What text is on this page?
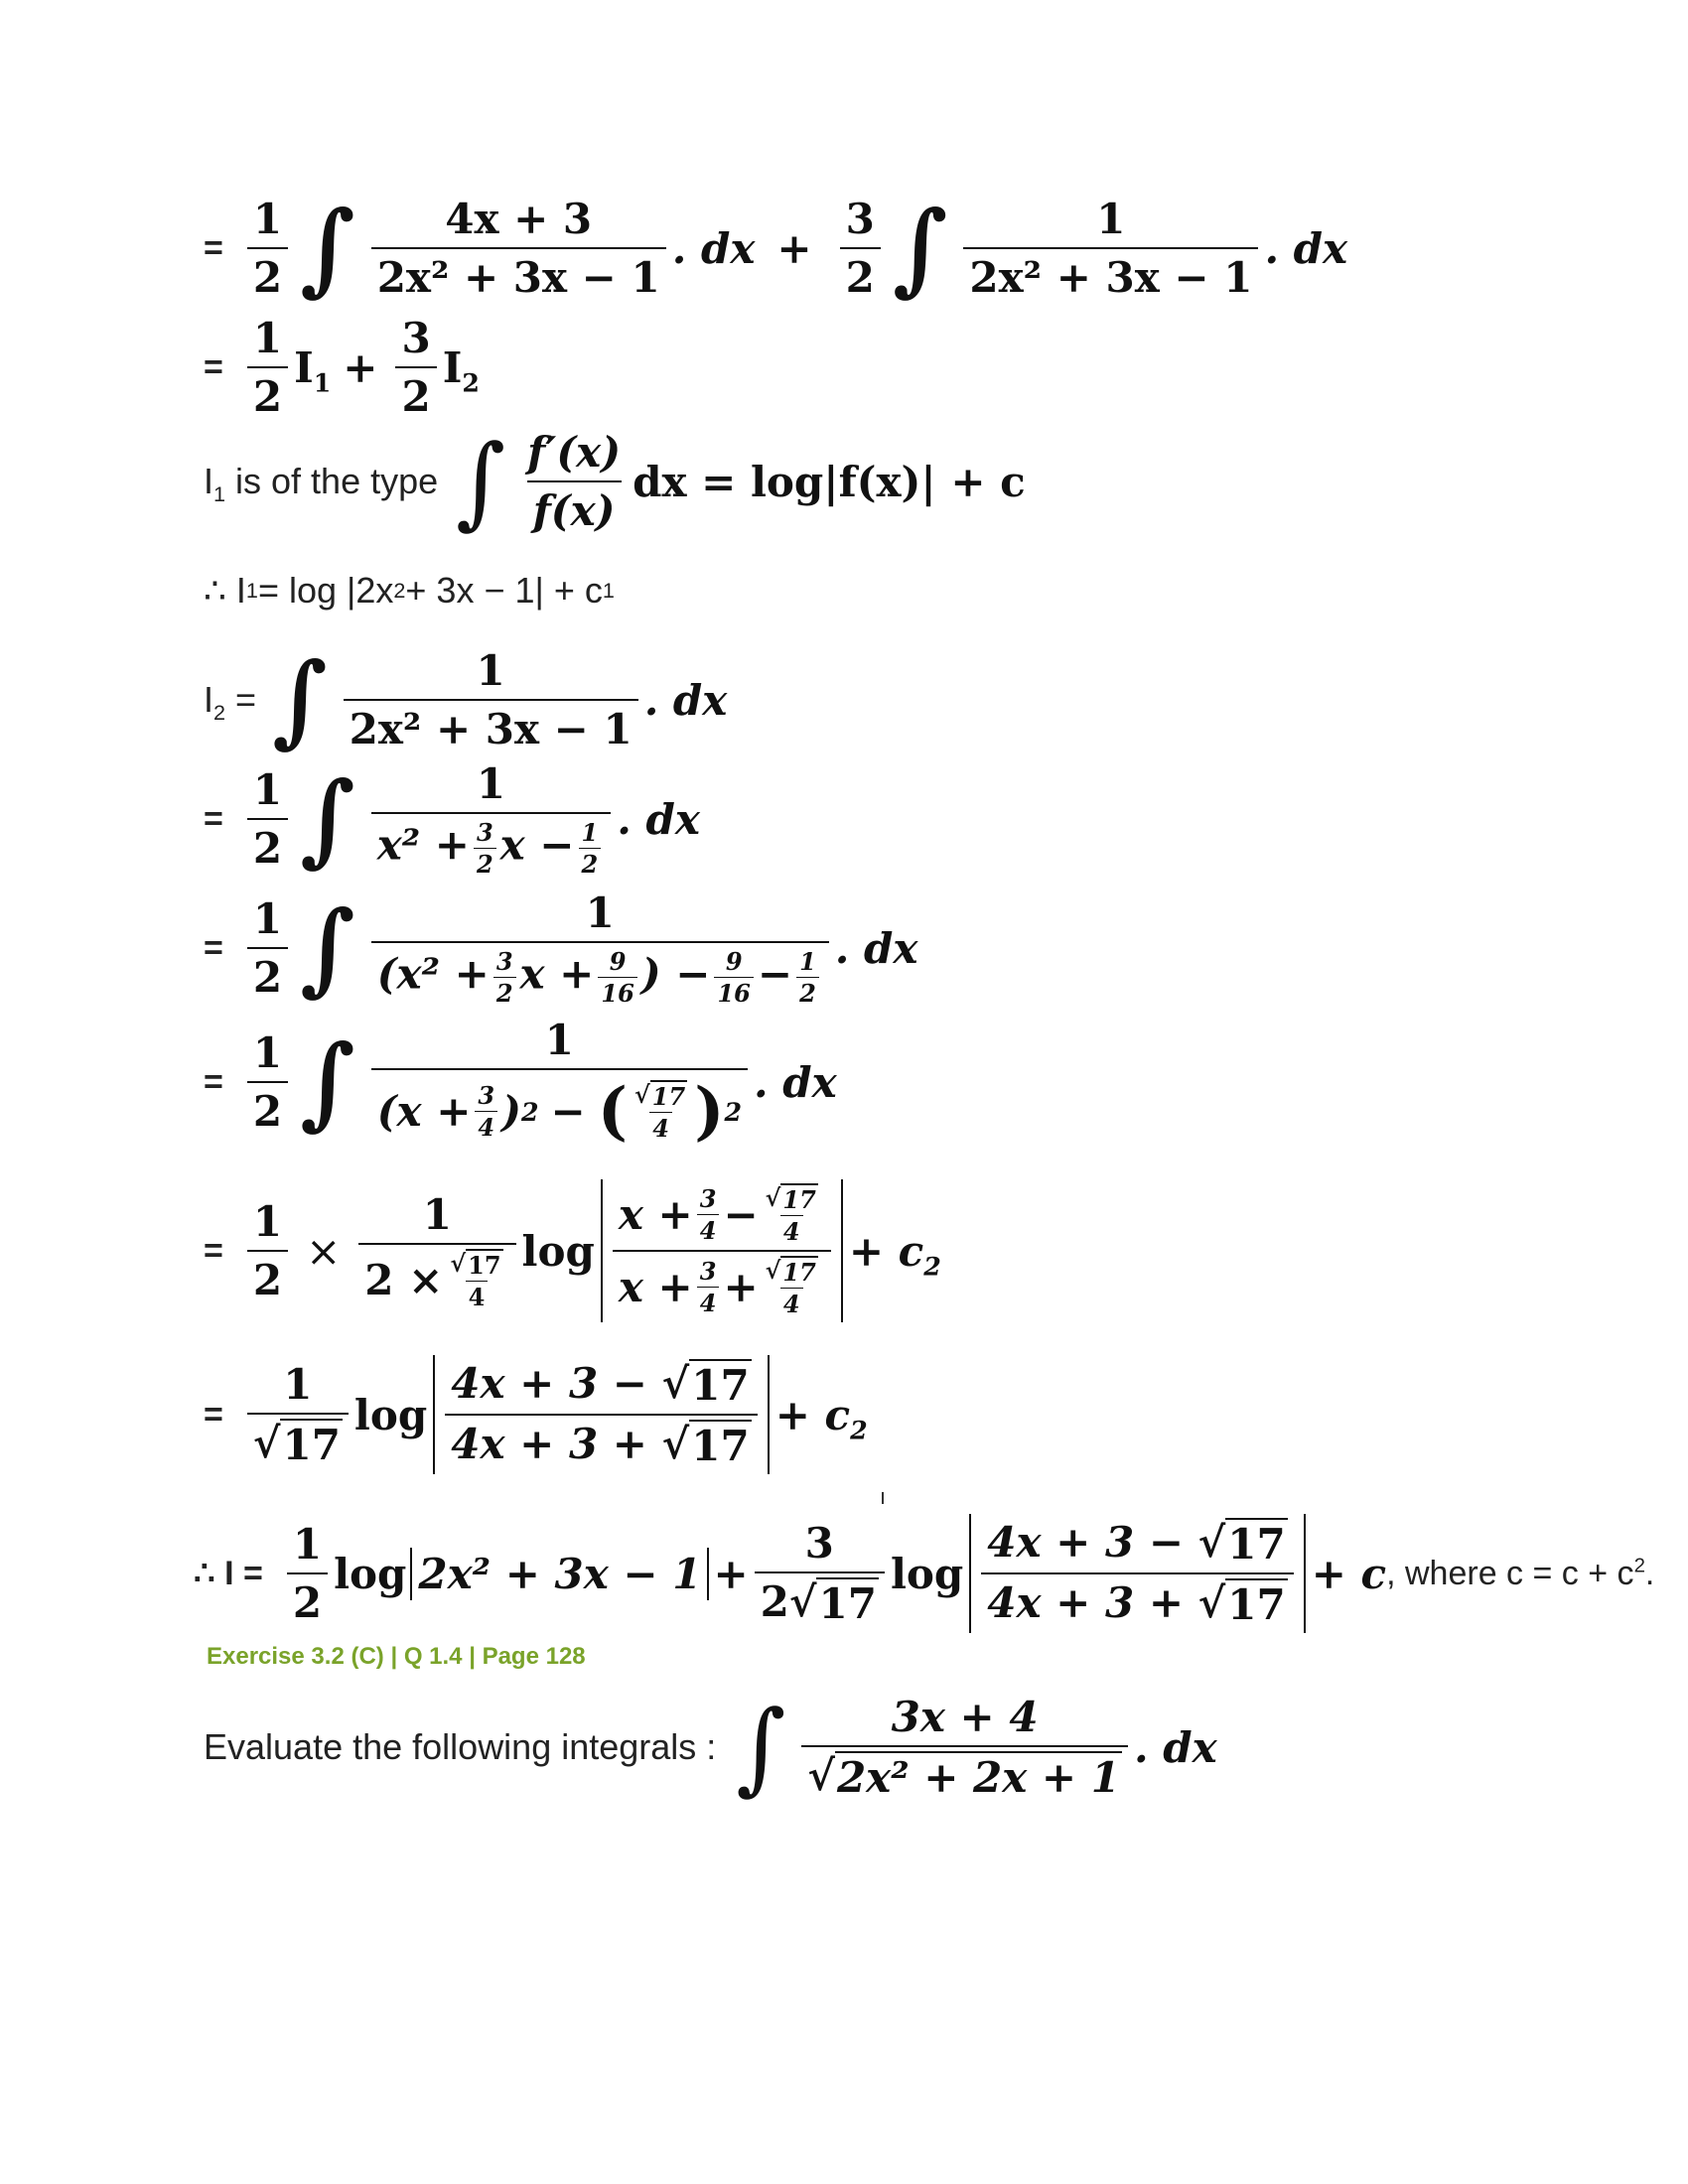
= $\frac{1}{2}$ ∫ $\frac{4x + 3}{\text{2x² + 3x − 1}}$ . dx + $\frac{3}{2}$ ∫ $\frac{1}{\text{2x² + 3x − 1}}$ . dx
= $\frac{1}{2} I_1 + \frac{3}{2} I_2$
$I_1$ is of the type ∫ $\frac{f'(x)}{f(x)}$ dx = log|f(x)| + c
∴ I 1 = log |2x 2 + 3x − 1| + c 1
$I_2$ = ∫ $\frac{1}{\text{2x² + 3x − 1}}$ . dx
= $\frac{1}{2}$ ∫ $\frac{1}{x^2 + \frac{3}{2} x - \frac{1}{2}}$ . dx
= $\frac{1}{2}$ ∫ $\frac{1}{(x^2 + \frac{3}{2} x + \frac{9}{16} ) - \frac{9}{16} - \frac{1}{2}}$ . dx
= $\frac{1}{2}$ ∫ $\frac{1}{(x + \frac{3}{4} ) 2 - ( \frac{√ 17}{4} ) 2}$ . dx
= $\frac{1}{2} \times \frac{1}{2 \times \frac{√ 17}{4}}$ $\log \frac{x + \frac{3}{4} - \frac{√ 17}{4}}{x + \frac{3}{4} + \frac{√ 17}{4}} + c_2$
= $\frac{1}{√ 17}$ $\log \frac{4x + 3 - √ 17}{4x + 3 + √ 17} + c_2$
∴ $I = \frac{1}{2}$ $\log 2x^2 + 3x - 1 + \frac{3}{2 √ 17}$ $\log \frac{4x + 3 - √ 17}{4x + 3 + √ 17} + c$ , where $c = c + c^2$.
Exercise 3.2 (C) | Q 1.4 | Page 128
Evaluate the following integrals : ∫ $\frac{3x + 4}{\text{√ 2x² + 2x + 1}}$ . dx
